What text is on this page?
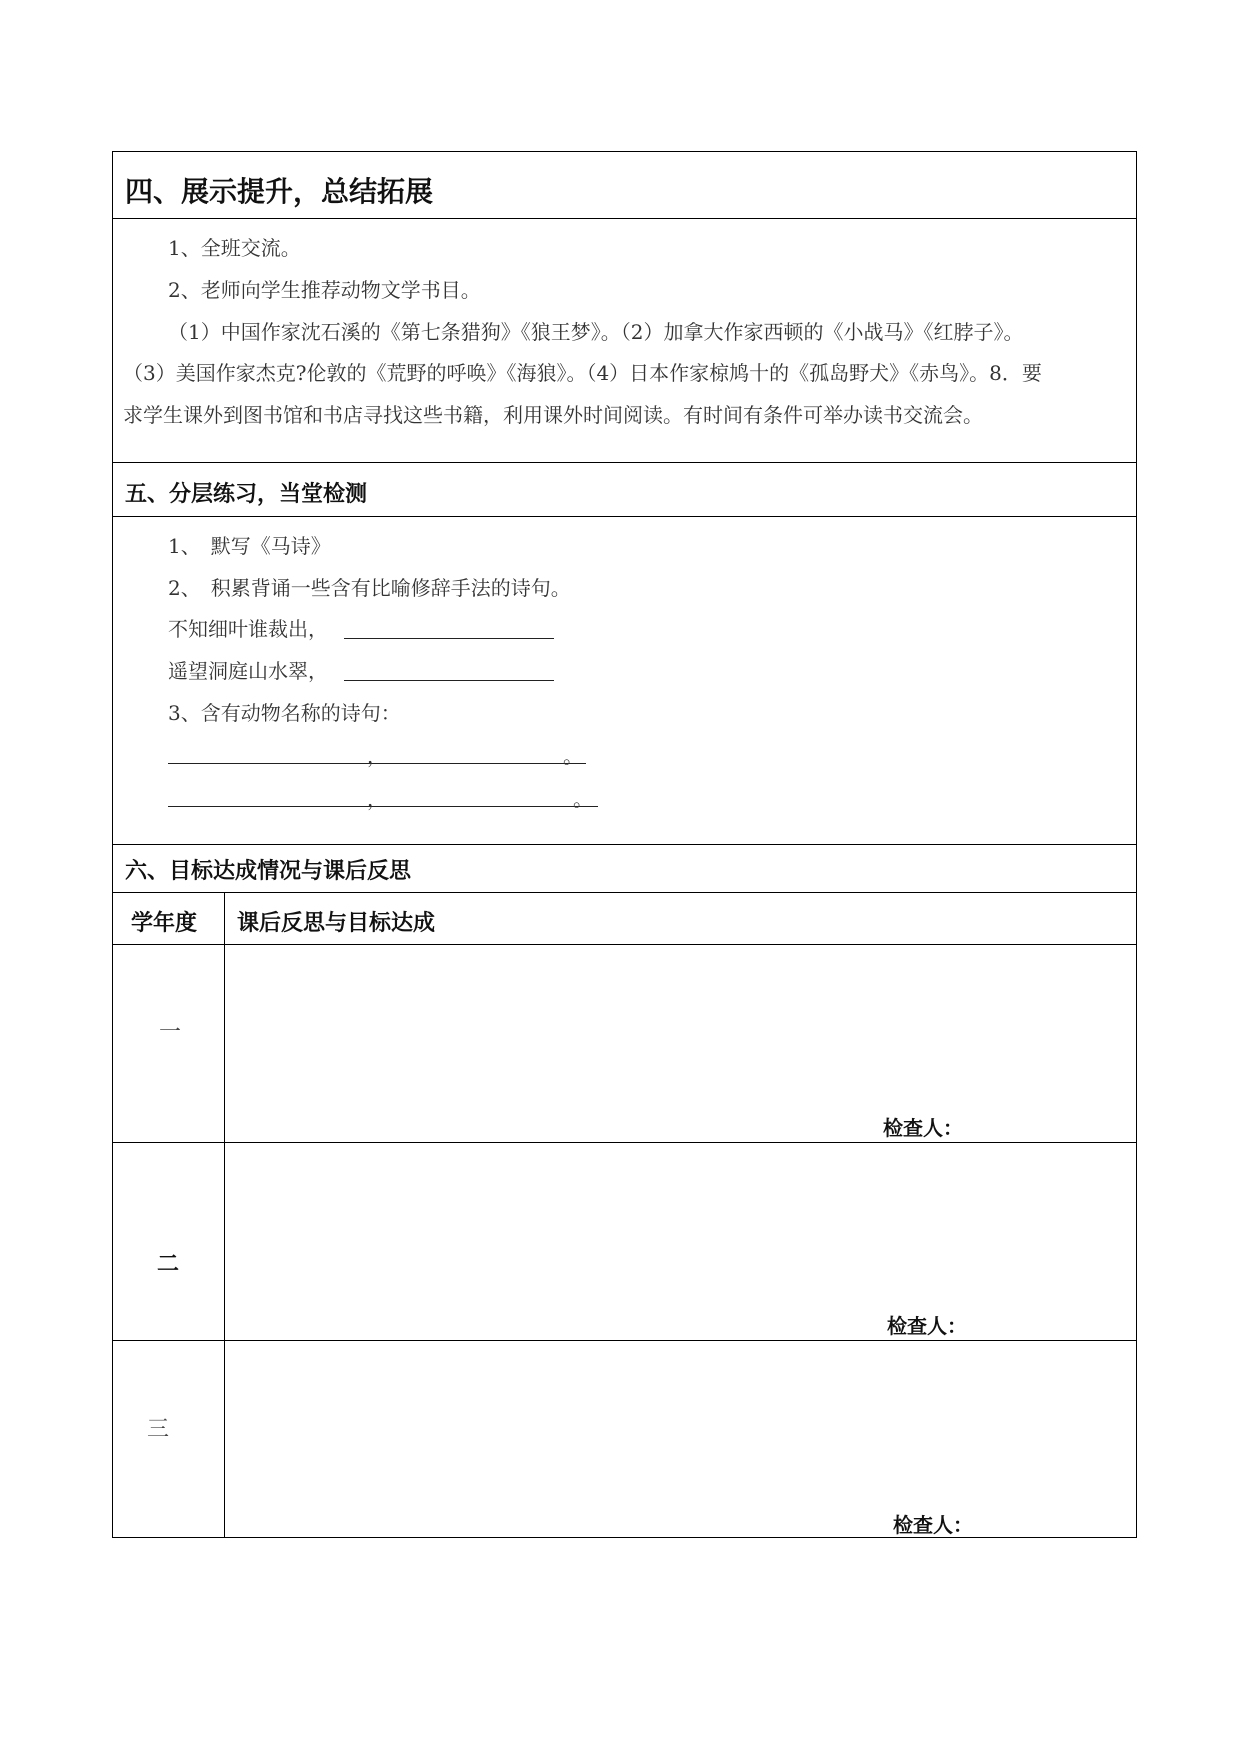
四、展示提升，总结拓展
1、全班交流。
2、老师向学生推荐动物文学书目。
（1）中国作家沈石溪的《第七条猎狗》《狼王梦》。（2）加拿大作家西顿的《小战马》《红脖子》。
（3）美国作家杰克?伦敦的《荒野的呼唤》《海狼》。（4）日本作家椋鸠十的《孤岛野犬》《赤鸟》。8．要
求学生课外到图书馆和书店寻找这些书籍，利用课外时间阅读。有时间有条件可举办读书交流会。
五、分层练习，当堂检测
1、　默写《马诗》
2、　积累背诵一些含有比喻修辞手法的诗句。
不知细叶谁裁出，
遥望洞庭山水翠，
3、含有动物名称的诗句：
，	。
，	。
六、目标达成情况与课后反思
学年度 课后反思与目标达成
一
检查人：
二
检查人：
三
检查人：
